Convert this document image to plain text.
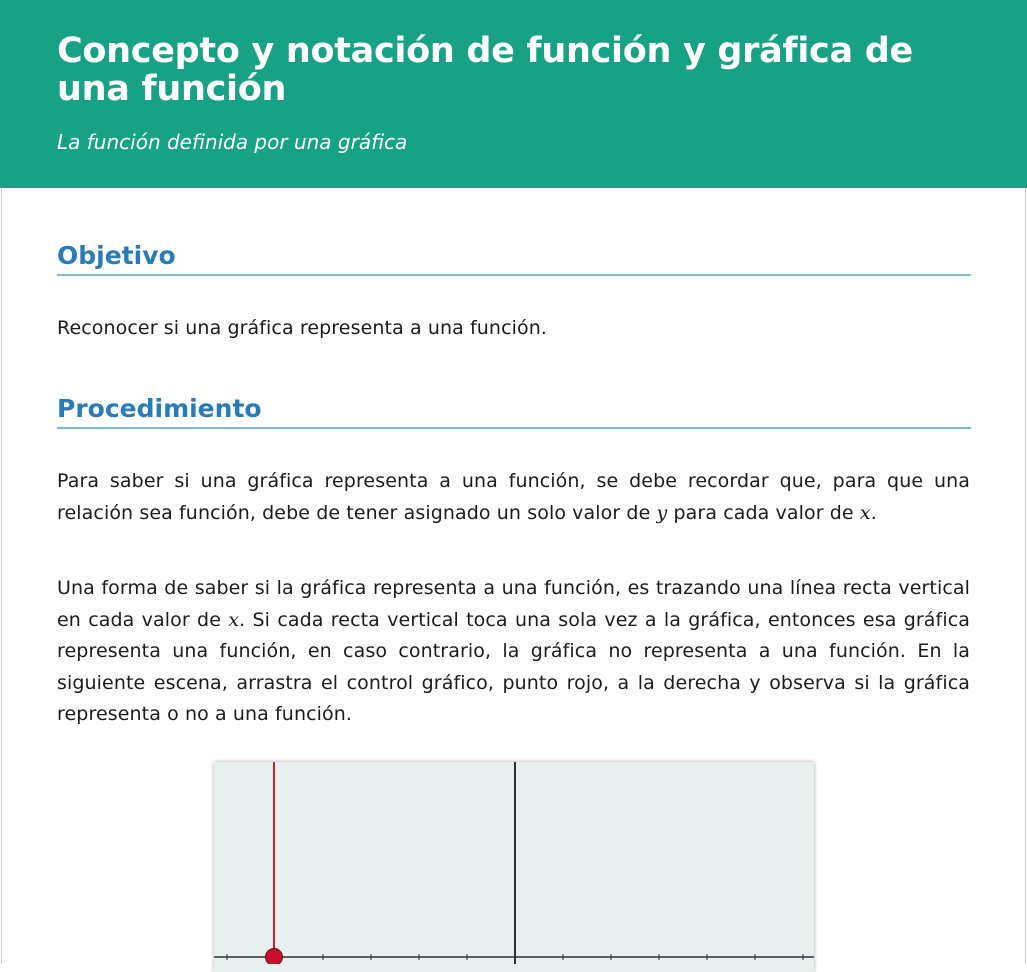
Concepto y notación de función y gráfica de una función

La función definida por una gráfica

Objetivo

Reconocer si una gráfica representa a una función.

Procedimiento

Para saber si una gráfica representa a una función, se debe recordar que, para que una relación sea función, debe de tener asignado un solo valor de y para cada valor de x.

Una forma de saber si la gráfica representa a una función, es trazando una línea recta vertical en cada valor de x. Si cada recta vertical toca una sola vez a la gráfica, entonces esa gráfica representa una función, en caso contrario, la gráfica no representa a una función. En la siguiente escena, arrastra el control gráfico, punto rojo, a la derecha y observa si la gráfica representa o no a una función.
